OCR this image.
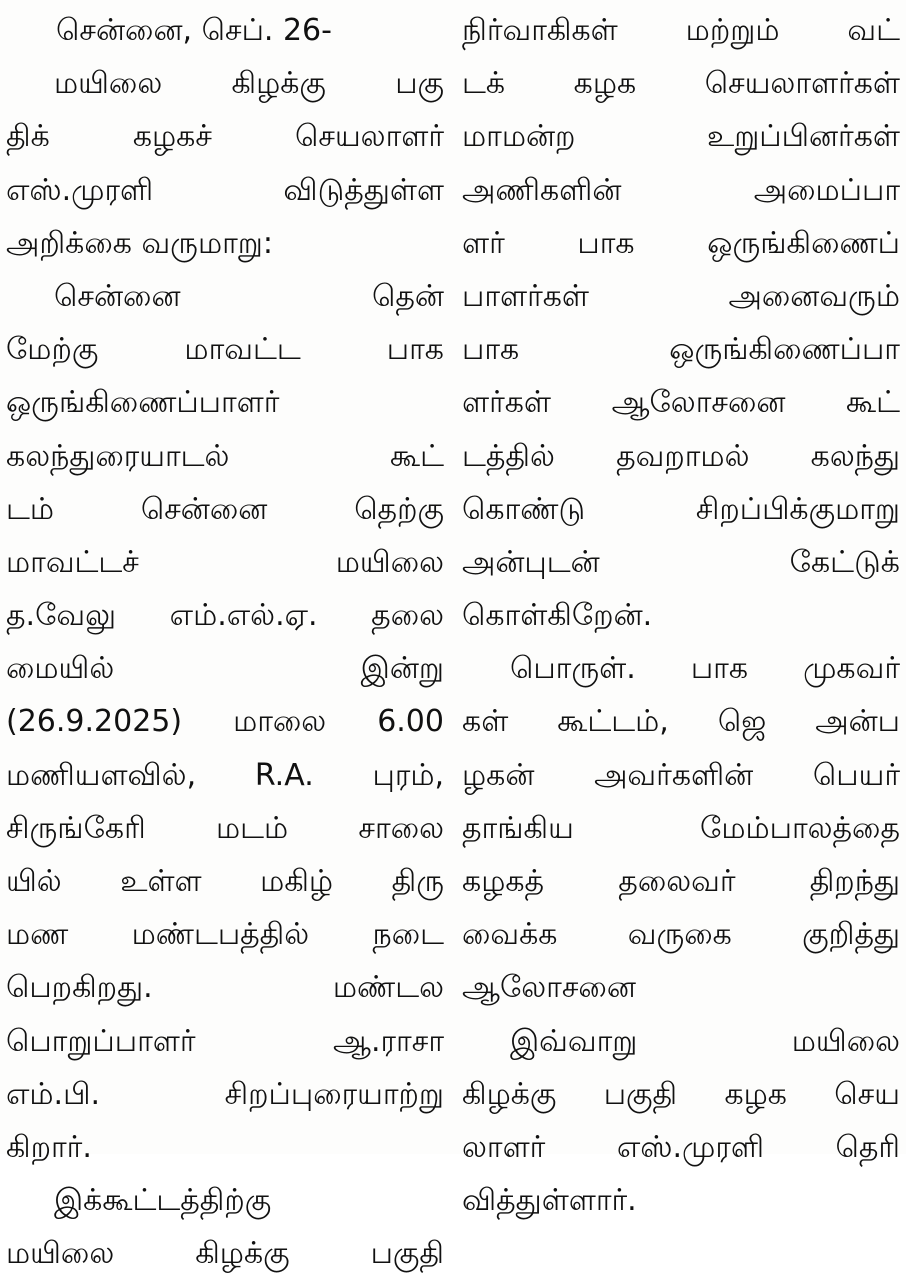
சென்னை, செப். 26-
மயிலை கிழக்கு பகு
திக் கழகச் செயலாளர்
எஸ்.முரளி விடுத்துள்ள
அறிக்கை வருமாறு:
சென்னை தென்
மேற்கு மாவட்ட பாக
ஒருங்கிணைப்பாளர்
கலந்துரையாடல் கூட்
டம் சென்னை தெற்கு
மாவட்டச் மயிலை
த.வேலு எம்.எல்.ஏ. தலை
மையில் இன்று
(26.9.2025) மாலை 6.00
மணியளவில், R.A. புரம்,
சிருங்கேரி மடம் சாலை
யில் உள்ள மகிழ் திரு
மண மண்டபத்தில் நடை
பெறகிறது. மண்டல
பொறுப்பாளர் ஆ.ராசா
எம்.பி. சிறப்புரையாற்று
கிறார்.
இக்கூட்டத்திற்கு
மயிலை கிழக்கு பகுதி
நிர்வாகிகள் மற்றும் வட்
டக் கழக செயலாளர்கள்
மாமன்ற உறுப்பினர்கள்
அணிகளின் அமைப்பா
ளர் பாக ஒருங்கிணைப்
பாளர்கள் அனைவரும்
பாக ஒருங்கிணைப்பா
ளர்கள் ஆலோசனை கூட்
டத்தில் தவறாமல் கலந்து
கொண்டு சிறப்பிக்குமாறு
அன்புடன் கேட்டுக்
கொள்கிறேன்.
பொருள். பாக முகவர்
கள் கூட்டம், ஜெ அன்ப
ழகன் அவர்களின் பெயர்
தாங்கிய மேம்பாலத்தை
கழகத் தலைவர் திறந்து
வைக்க வருகை குறித்து
ஆலோசனை
இவ்வாறு மயிலை
கிழக்கு பகுதி கழக செய
லாளர் எஸ்.முரளி தெரி
வித்துள்ளார்.
